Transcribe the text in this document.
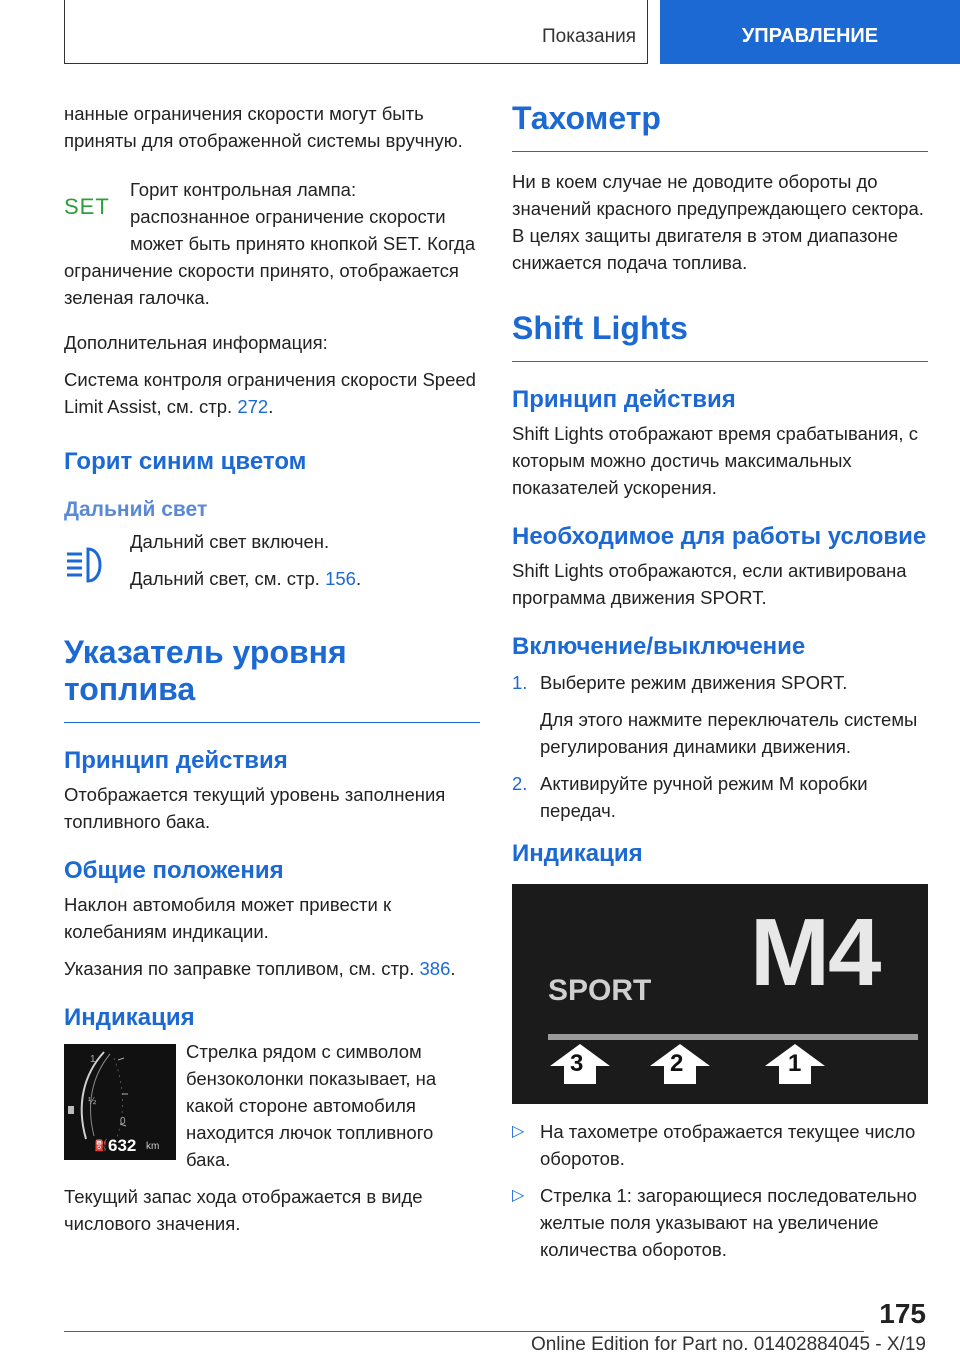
Показания	УПРАВЛЕНИЕ

нанные ограничения скорости могут быть приняты для отображенной системы вручную.

SET

Горит контрольная лампа: распознанное ограничение скорости может быть принято кнопкой SET. Когда ограничение скорости принято, отображается зеленая галочка.

Дополнительная информация:

Система контроля ограничения скорости Speed Limit Assist, см. стр. 272.

Горит синим цветом
Дальний свет

Дальний свет включен.

Дальний свет, см. стр. 156.

Указатель уровня топлива
Принцип действия

Отображается текущий уровень заполнения топливного бака.

Общие положения

Наклон автомобиля может привести к колебаниям индикации.

Указания по заправке топливом, см. стр. 386.

Индикация
1
½
0
⛽ 632 km

Стрелка рядом с символом бензоколонки показывает, на какой стороне автомобиля находится лючок топливного бака.

Текущий запас хода отображается в виде числового значения.

Тахометр

Ни в коем случае не доводите обороты до значений красного предупреждающего сектора. В целях защиты двигателя в этом диапазоне снижается подача топлива.

Shift Lights
Принцип действия

Shift Lights отображают время срабатывания, с которым можно достичь максимальных показателей ускорения.

Необходимое для работы условие

Shift Lights отображаются, если активирована программа движения SPORT.

Включение/выключение
1. Выберите режим движения SPORT.

Для этого нажмите переключатель системы регулирования динамики движения.

2. Активируйте ручной режим M коробки передач.

Индикация
M4
SPORT
3	2	1
▷ На тахометре отображается текущее число оборотов.
▷ Стрелка 1: загорающиеся последовательно желтые поля указывают на увеличение количества оборотов.
175
Online Edition for Part no. 01402884045 - X/19
